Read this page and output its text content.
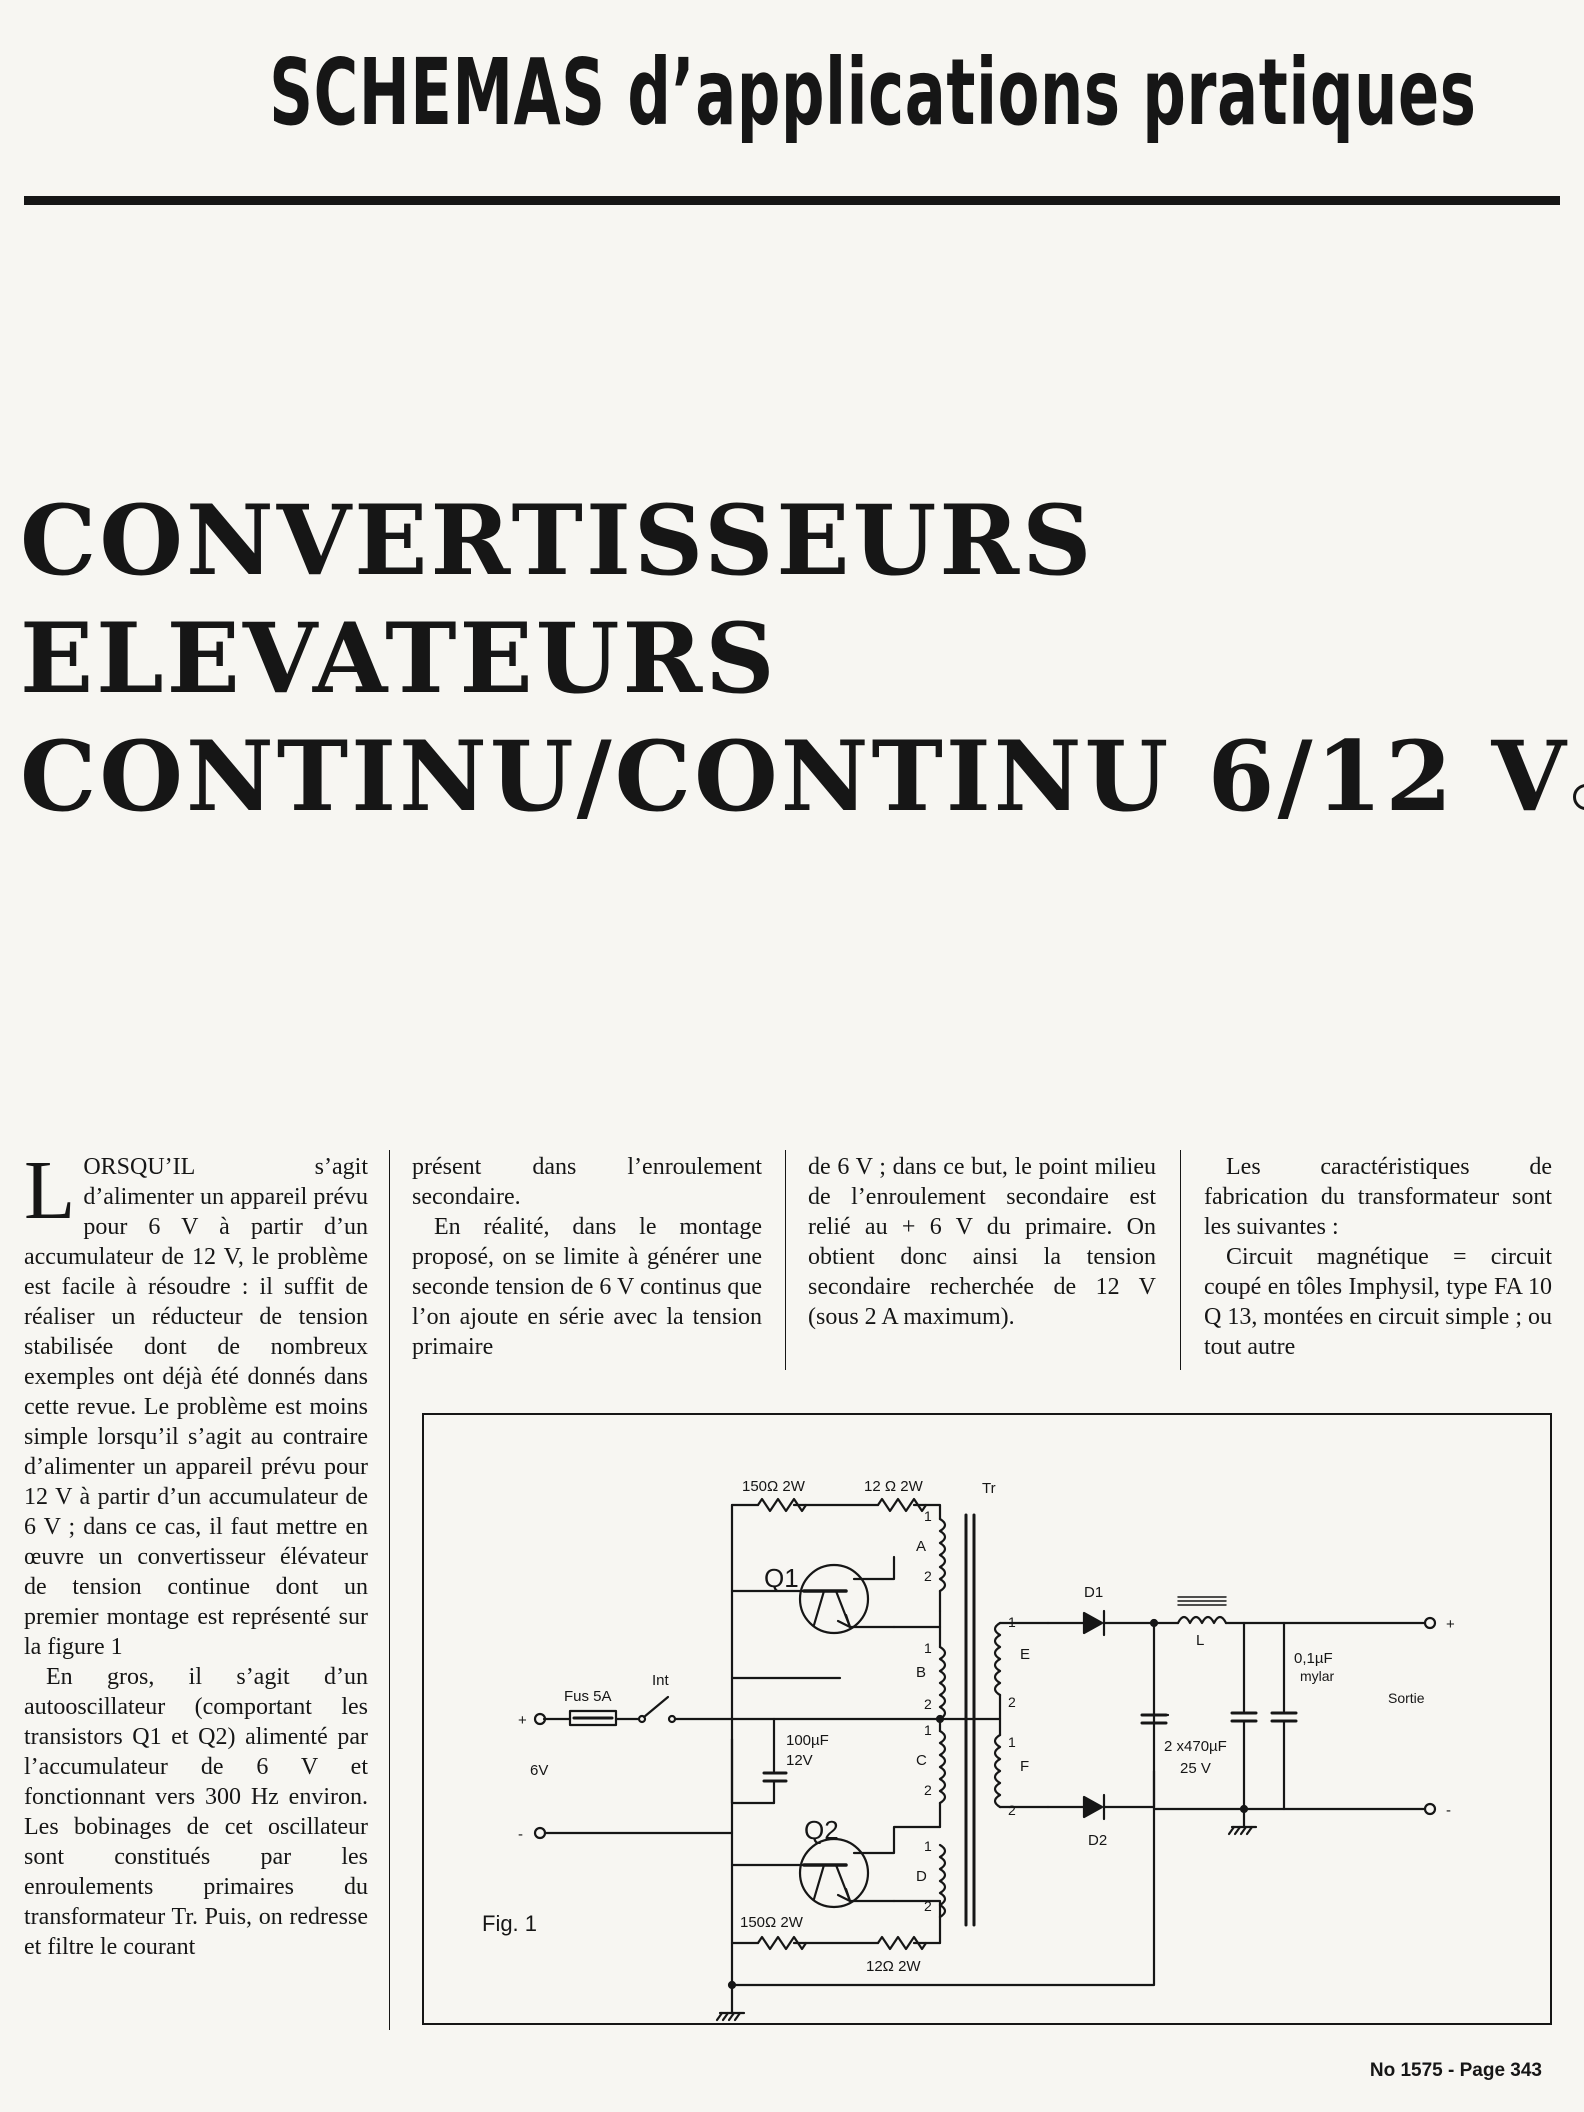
SCHEMAS d’applications pratiques
CONVERTISSEURS
ELEVATEURS
CONTINU/CONTINU 6/12 V

LORSQU’IL s’agit d’alimenter un appareil prévu pour 6 V à partir d’un accumulateur de 12 V, le problème est facile à résoudre : il suffit de réaliser un réducteur de tension stabilisée dont de nombreux exemples ont déjà été donnés dans cette revue. Le problème est moins simple lorsqu’il s’agit au contraire d’alimenter un appareil prévu pour 12 V à partir d’un accumulateur de 6 V ; dans ce cas, il faut mettre en œuvre un convertisseur élévateur de tension continue dont un premier montage est représenté sur la figure 1

En gros, il s’agit d’un autooscillateur (comportant les transistors Q1 et Q2) alimenté par l’accumulateur de 6 V et fonctionnant vers 300 Hz environ. Les bobinages de cet oscillateur sont constitués par les enroulements primaires du transformateur Tr. Puis, on redresse et filtre le courant

présent dans l’enroulement secondaire.

En réalité, dans le montage proposé, on se limite à générer une seconde tension de 6 V continus que l’on ajoute en série avec la tension primaire

de 6 V ; dans ce but, le point milieu de l’enroulement secondaire est relié au + 6 V du primaire. On obtient donc ainsi la tension secondaire recherchée de 12 V (sous 2 A maximum).

Les caractéristiques de fabrication du transformateur sont les suivantes :

Circuit magnétique = circuit coupé en tôles Imphysil, type FA 10 Q 13, montées en circuit simple ; ou tout autre

150Ω 2W	12 Ω 2W	Tr
Q1
1
A
2
1
B
2
1
C
2
1
D
2
+
Fus 5A
Int
6V
-
100µF
12V
Q2
150Ω 2W
12Ω 2W
1
E
2
1
F
2
D1
D2
L
2 x470µF
25 V
0,1µF
mylar
+
-
Sortie

Fig. 1

No 1575 - Page 343
